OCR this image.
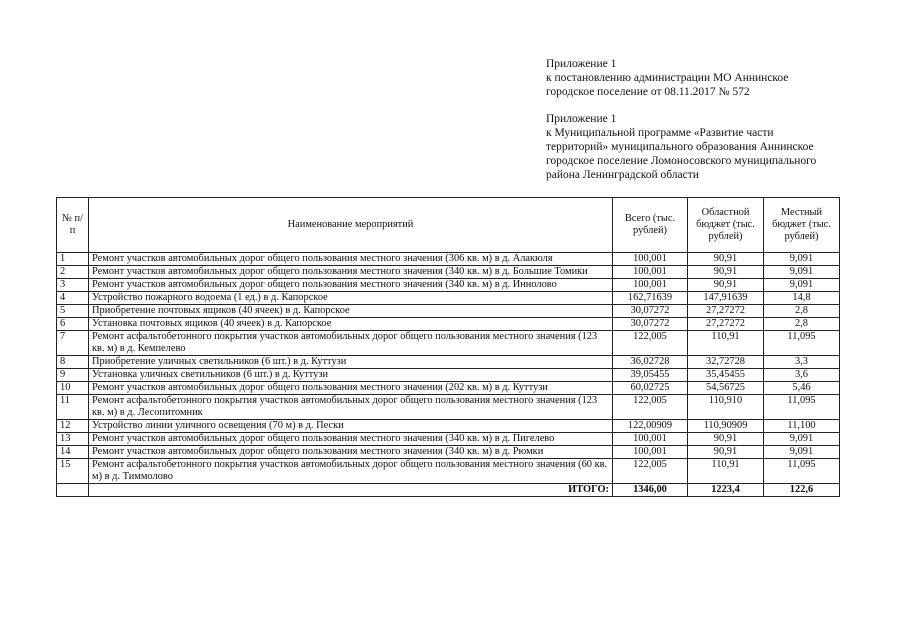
Приложение 1

к постановлению администрации МО Аннинское

городское поселение от 08.11.2017 № 572

Приложение 1

к Муниципальной программе «Развитие части

территорий» муниципального образования Аннинское

городское поселение Ломоносовского муниципального

района Ленинградской области

№ п/п	Наименование мероприятий	Всего (тыс. рублей)	Областной бюджет (тыс. рублей)	Местный бюджет (тыс. рублей)
1	Ремонт участков автомобильных дорог общего пользования местного значения (306 кв. м) в д. Алакюля	100,001	90,91	9,091
2	Ремонт участков автомобильных дорог общего пользования местного значения (340 кв. м) в д. Большие Томики	100,001	90,91	9,091
3	Ремонт участков автомобильных дорог общего пользования местного значения (340 кв. м) в д. Иннолово	100,001	90,91	9,091
4	Устройство пожарного водоема (1 ед.) в д. Капорское	162,71639	147,91639	14,8
5	Приобретение почтовых ящиков (40 ячеек) в д. Капорское	30,07272	27,27272	2,8
6	Установка почтовых ящиков (40 ячеек) в д. Капорское	30,07272	27,27272	2,8
7	Ремонт асфальтобетонного покрытия участков автомобильных дорог общего пользования местного значения (123 кв. м) в д. Кемпелево	122,005	110,91	11,095
8	Приобретение уличных светильников (6 шт.) в д. Куттузи	36,02728	32,72728	3,3
9	Установка уличных светильников (6 шт.) в д. Куттузи	39,05455	35,45455	3,6
10	Ремонт участков автомобильных дорог общего пользования местного значения (202 кв. м) в д. Куттузи	60,02725	54,56725	5,46
11	Ремонт асфальтобетонного покрытия участков автомобильных дорог общего пользования местного значения (123 кв. м) в д. Лесопитомник	122,005	110,910	11,095
12	Устройство линии уличного освещения (70 м) в д. Пески	122,00909	110,90909	11,100
13	Ремонт участков автомобильных дорог общего пользования местного значения (340 кв. м) в д. Пигелево	100,001	90,91	9,091
14	Ремонт участков автомобильных дорог общего пользования местного значения (340 кв. м) в д. Рюмки	100,001	90,91	9,091
15	Ремонт асфальтобетонного покрытия участков автомобильных дорог общего пользования местного значения (60 кв. м) в д. Тиммолово	122,005	110,91	11,095
	ИТОГО:	1346,00	1223,4	122,6
